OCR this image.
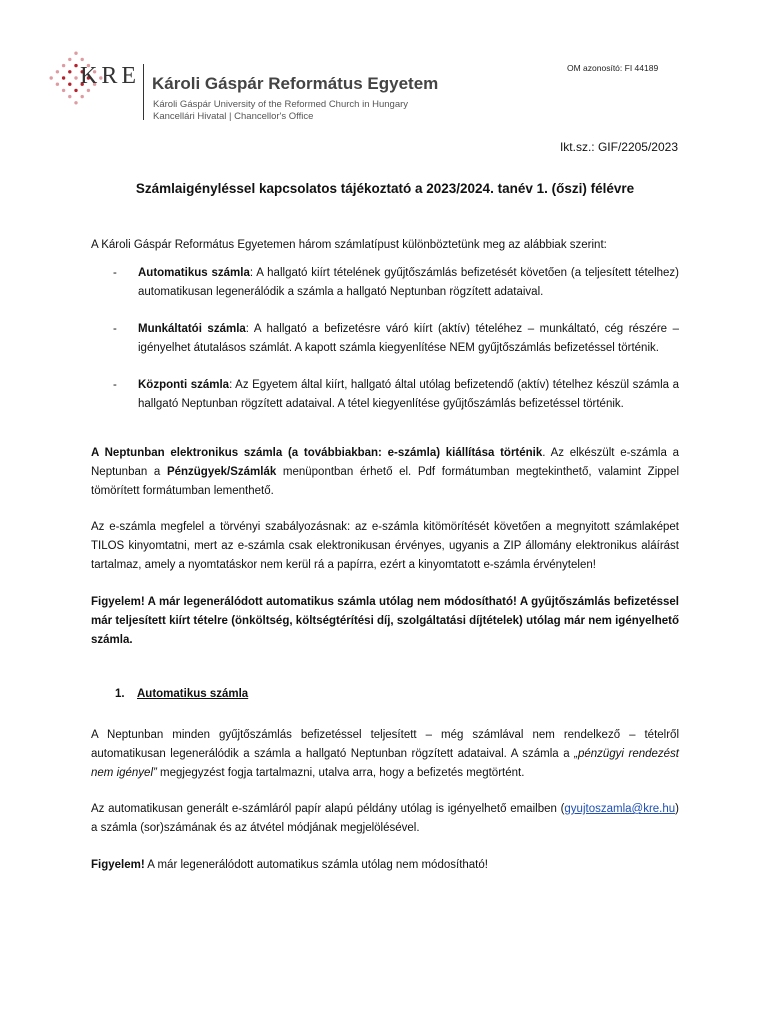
KRE Károli Gáspár Református Egyetem
Károli Gáspár University of the Reformed Church in Hungary
Kancellári Hivatal | Chancellor's Office
OM azonosító: FI 44189
Ikt.sz.: GIF/2205/2023
Számlaigényléssel kapcsolatos tájékoztató a 2023/2024. tanév 1. (őszi) félévre

A Károli Gáspár Református Egyetemen három számlatípust különböztetünk meg az alábbiak szerint:

- Automatikus számla: A hallgató kiírt tételének gyűjtőszámlás befizetését követően (a teljesített tételhez) automatikusan legenerálódik a számla a hallgató Neptunban rögzített adataival.
- Munkáltatói számla: A hallgató a befizetésre váró kiírt (aktív) tételéhez – munkáltató, cég részére – igényelhet átutalásos számlát. A kapott számla kiegyenlítése NEM gyűjtőszámlás befizetéssel történik.
- Központi számla: Az Egyetem által kiírt, hallgató által utólag befizetendő (aktív) tételhez készül számla a hallgató Neptunban rögzített adataival. A tétel kiegyenlítése gyűjtőszámlás befizetéssel történik.

A Neptunban elektronikus számla (a továbbiakban: e-számla) kiállítása történik. Az elkészült e-számla a Neptunban a Pénzügyek/Számlák menüpontban érhető el. Pdf formátumban megtekinthető, valamint Zippel tömörített formátumban lementhető.

Az e-számla megfelel a törvényi szabályozásnak: az e-számla kitömörítését követően a megnyitott számlaképet TILOS kinyomtatni, mert az e-számla csak elektronikusan érvényes, ugyanis a ZIP állomány elektronikus aláírást tartalmaz, amely a nyomtatáskor nem kerül rá a papírra, ezért a kinyomtatott e-számla érvénytelen!

Figyelem! A már legenerálódott automatikus számla utólag nem módosítható! A gyűjtőszámlás befizetéssel már teljesített kiírt tételre (önköltség, költségtérítési díj, szolgáltatási díjtételek) utólag már nem igényelhető számla.

1. Automatikus számla

A Neptunban minden gyűjtőszámlás befizetéssel teljesített – még számlával nem rendelkező – tételről automatikusan legenerálódik a számla a hallgató Neptunban rögzített adataival. A számla a „pénzügyi rendezést nem igényel” megjegyzést fogja tartalmazni, utalva arra, hogy a befizetés megtörtént.

Az automatikusan generált e-számláról papír alapú példány utólag is igényelhető emailben (gyujtoszamla@kre.hu) a számla (sor)számának és az átvétel módjának megjelölésével.

Figyelem! A már legenerálódott automatikus számla utólag nem módosítható!
